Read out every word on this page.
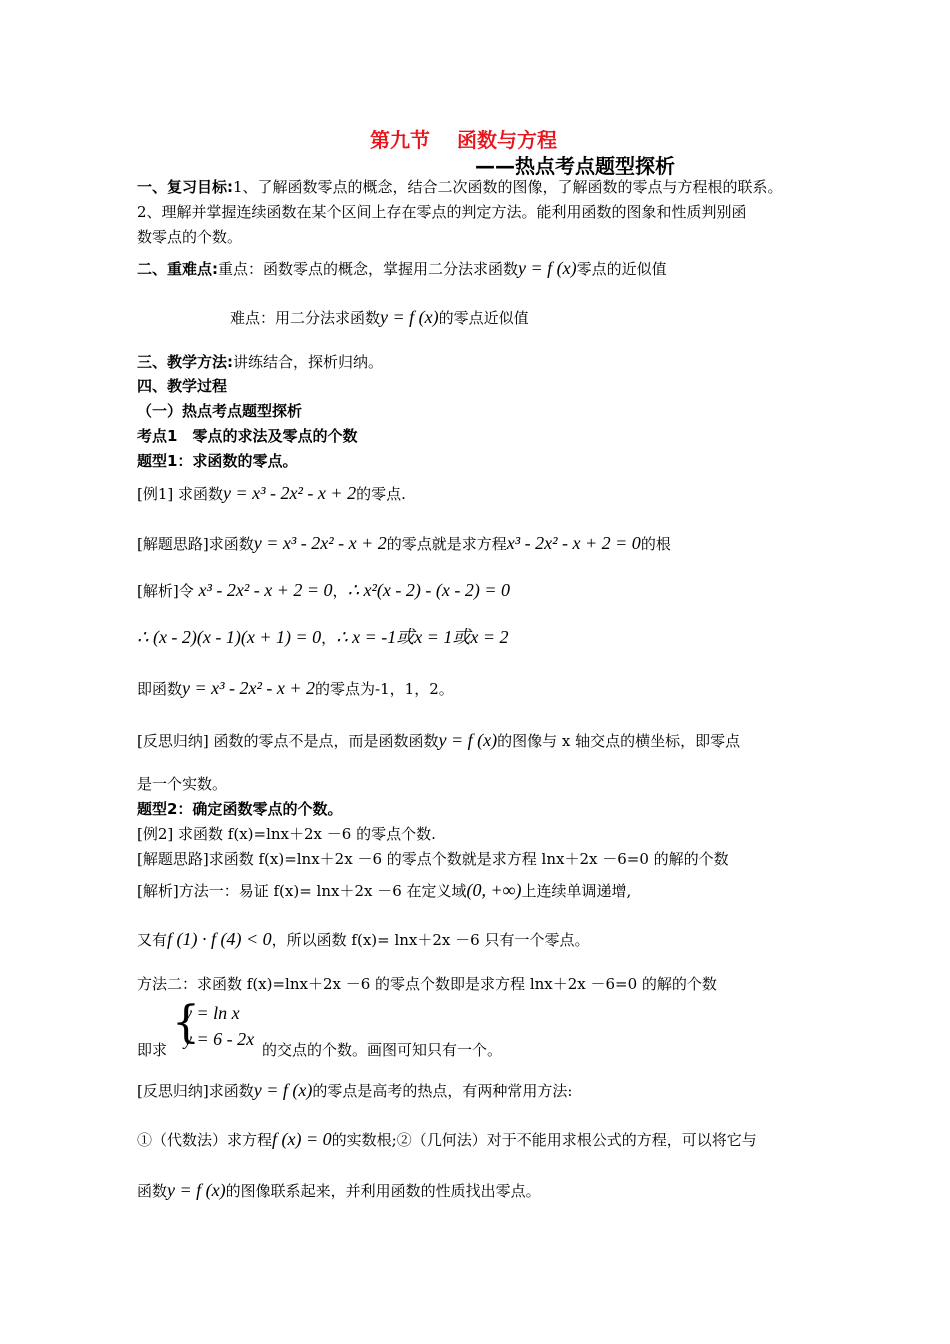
第九节　 函数与方程
——热点考点题型探析
一、复习目标:1、了解函数零点的概念，结合二次函数的图像，了解函数的零点与方程根的联系。
2、理解并掌握连续函数在某个区间上存在零点的判定方法。能利用函数的图象和性质判别函
数零点的个数。
二、重难点:重点：函数零点的概念，掌握用二分法求函数y = f (x)零点的近似值
难点：用二分法求函数y = f (x)的零点近似值
三、教学方法:讲练结合，探析归纳。
四、教学过程
（一）热点考点题型探析
考点1　零点的求法及零点的个数
题型1：求函数的零点。
[例1] 求函数y = x³ - 2x² - x + 2的零点.
[解题思路]求函数y = x³ - 2x² - x + 2的零点就是求方程x³ - 2x² - x + 2 = 0的根
[解析]令 x³ - 2x² - x + 2 = 0，∴ x²(x - 2) - (x - 2) = 0
∴ (x - 2)(x - 1)(x + 1) = 0，∴ x = -1或x = 1或x = 2
即函数y = x³ - 2x² - x + 2的零点为-1，1，2。
[反思归纳] 函数的零点不是点，而是函数函数y = f (x)的图像与 x 轴交点的横坐标，即零点
是一个实数。
题型2：确定函数零点的个数。
[例2] 求函数 f(x)=lnx＋2x －6 的零点个数.
[解题思路]求函数 f(x)=lnx＋2x －6 的零点个数就是求方程 lnx＋2x －6=0 的解的个数
[解析]方法一：易证 f(x)= lnx＋2x －6 在定义域(0, +∞)上连续单调递增,
又有f (1) · f (4) < 0，所以函数 f(x)= lnx＋2x －6 只有一个零点。
方法二：求函数 f(x)=lnx＋2x －6 的零点个数即是求方程 lnx＋2x －6=0 的解的个数
{
y = ln x
y = 6 - 2x
即求	的交点的个数。画图可知只有一个。
[反思归纳]求函数y = f (x)的零点是高考的热点，有两种常用方法:
①（代数法）求方程f (x) = 0的实数根;②（几何法）对于不能用求根公式的方程，可以将它与
函数y = f (x)的图像联系起来，并利用函数的性质找出零点。
